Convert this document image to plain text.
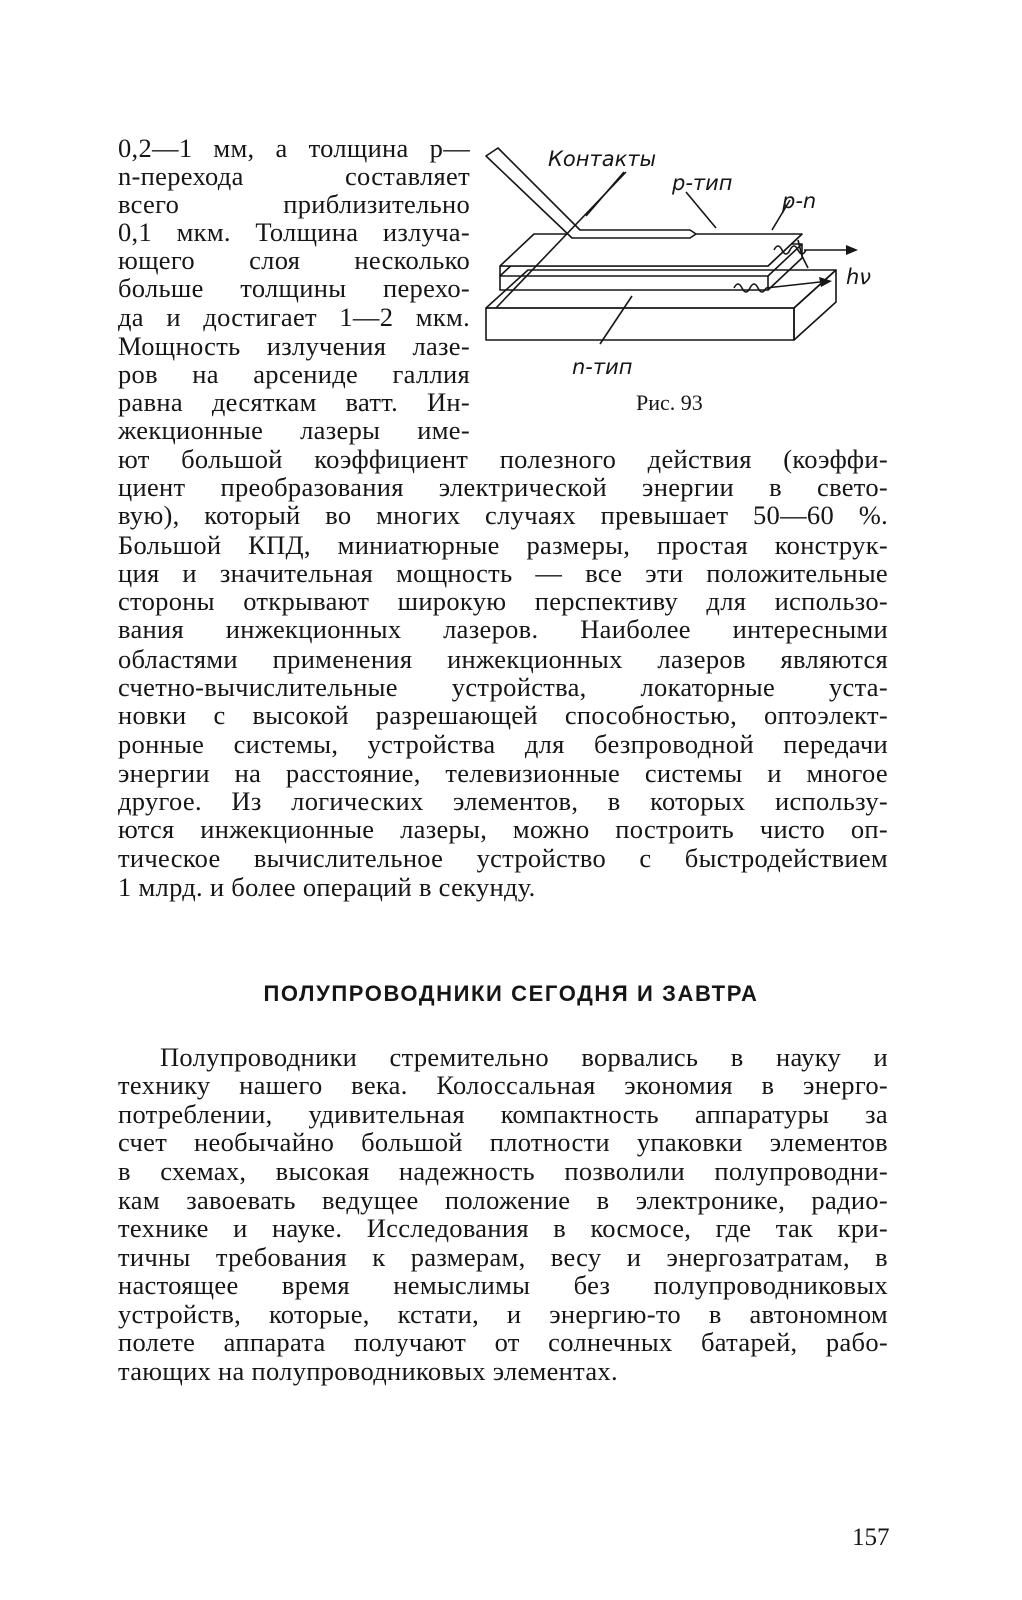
0,2—1 мм, а толщина p—
n-перехода составляет
всего приблизительно
0,1 мкм. Толщина излуча-
ющего слоя несколько
больше толщины перехо-
да и достигает 1—2 мкм.
Мощность излучения лазе-
ров на арсениде галлия
равна десяткам ватт. Ин-
жекционные лазеры име-
ют большой коэффициент полезного действия (коэффи-
циент преобразования электрической энергии в свето-
вую), который во многих случаях превышает 50—60 %.
Большой КПД, миниатюрные размеры, простая конструк-
ция и значительная мощность — все эти положительные
стороны открывают широкую перспективу для использо-
вания инжекционных лазеров. Наиболее интересными
областями применения инжекционных лазеров являются
счетно-вычислительные устройства, локаторные уста-
новки с высокой разрешающей способностью, оптоэлект-
ронные системы, устройства для безпроводной передачи
энергии на расстояние, телевизионные системы и многое
другое. Из логических элементов, в которых использу-
ются инжекционные лазеры, можно построить чисто оп-
тическое вычислительное устройство с быстродействием
1 млрд. и более операций в секунду.
Контакты
p-тип
p-n
hν
n-тип
Рис. 93
ПОЛУПРОВОДНИКИ СЕГОДНЯ И ЗАВТРА
Полупроводники стремительно ворвались в науку и
технику нашего века. Колоссальная экономия в энерго-
потреблении, удивительная компактность аппаратуры за
счет необычайно большой плотности упаковки элементов
в схемах, высокая надежность позволили полупроводни-
кам завоевать ведущее положение в электронике, радио-
технике и науке. Исследования в космосе, где так кри-
тичны требования к размерам, весу и энергозатратам, в
настоящее время немыслимы без полупроводниковых
устройств, которые, кстати, и энергию-то в автономном
полете аппарата получают от солнечных батарей, рабо-
тающих на полупроводниковых элементах.
157
